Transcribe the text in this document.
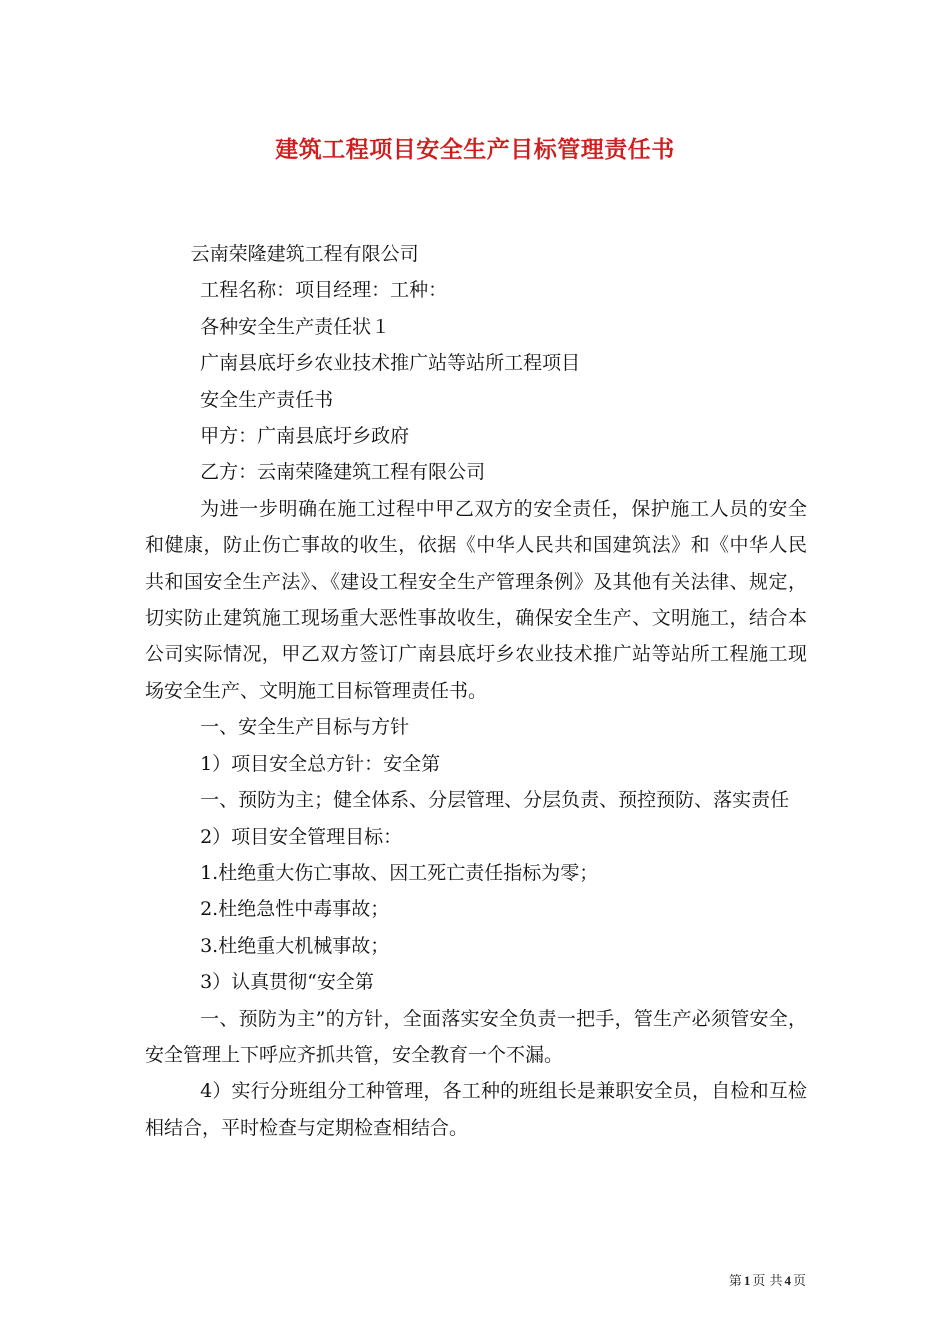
建筑工程项目安全生产目标管理责任书

云南荣隆建筑工程有限公司

工程名称：项目经理：工种：

各种安全生产责任状１

广南县底圩乡农业技术推广站等站所工程项目

安全生产责任书

甲方：广南县底圩乡政府

乙方：云南荣隆建筑工程有限公司

为进一步明确在施工过程中甲乙双方的安全责任，保护施工人员的安全和健康，防止伤亡事故的收生，依据《中华人民共和国建筑法》和《中华人民共和国安全生产法》、《建设工程安全生产管理条例》及其他有关法律、规定，切实防止建筑施工现场重大恶性事故收生，确保安全生产、文明施工，结合本公司实际情况，甲乙双方签订广南县底圩乡农业技术推广站等站所工程施工现场安全生产、文明施工目标管理责任书。

一、安全生产目标与方针

1）项目安全总方针：安全第

一、预防为主；健全体系、分层管理、分层负责、预控预防、落实责任

2）项目安全管理目标：

1.杜绝重大伤亡事故、因工死亡责任指标为零；

2.杜绝急性中毒事故；

3.杜绝重大机械事故；

3）认真贯彻“安全第

一、预防为主”的方针，全面落实安全负责一把手，管生产必须管安全，安全管理上下呼应齐抓共管，安全教育一个不漏。

4）实行分班组分工种管理，各工种的班组长是兼职安全员，自检和互检相结合，平时检查与定期检查相结合。

第 1 页 共 4 页
